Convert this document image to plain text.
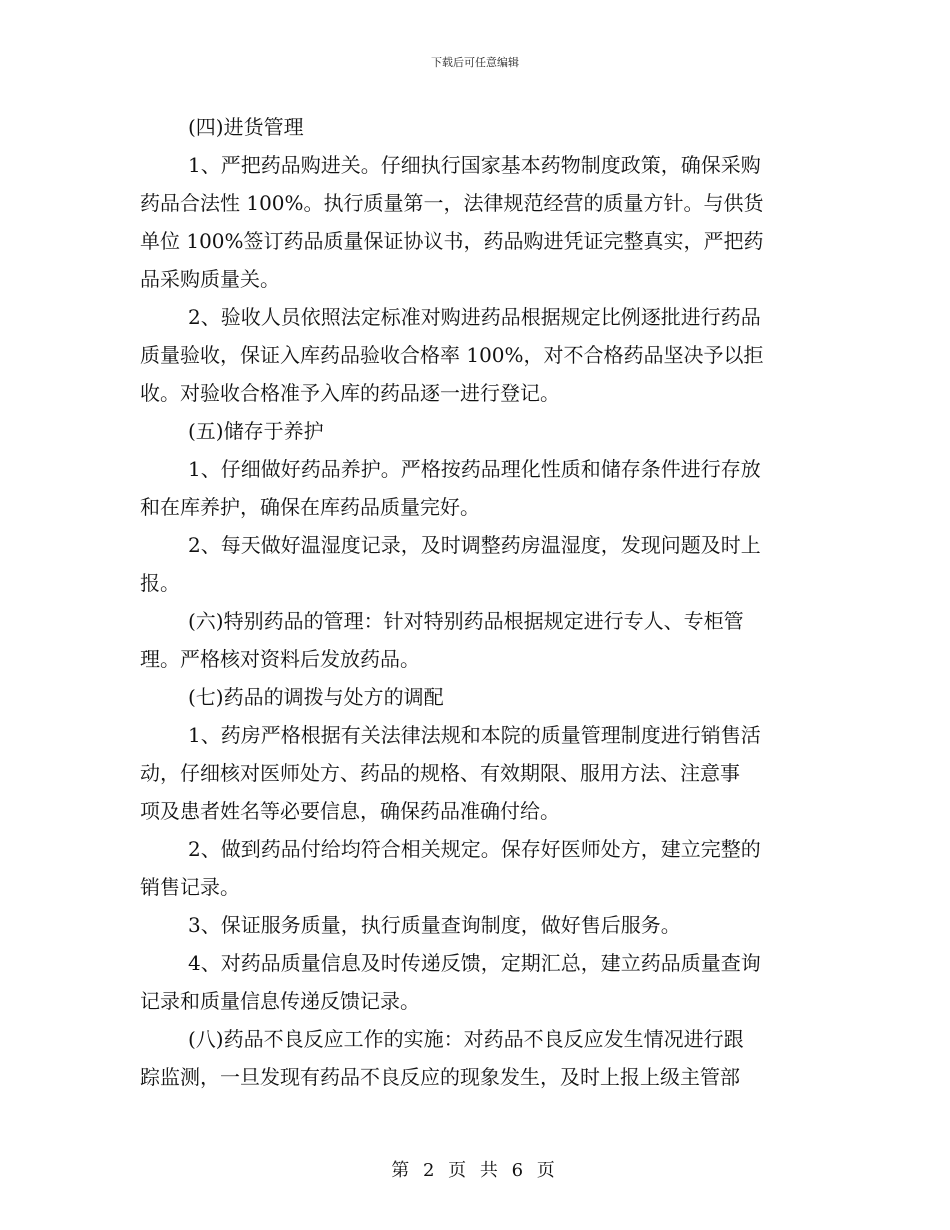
下载后可任意编辑
(四)进货管理
1、严把药品购进关。仔细执行国家基本药物制度政策，确保采购
药品合法性 100%。执行质量第一，法律规范经营的质量方针。与供货
单位 100%签订药品质量保证协议书，药品购进凭证完整真实，严把药
品采购质量关。
2、验收人员依照法定标准对购进药品根据规定比例逐批进行药品
质量验收，保证入库药品验收合格率 100%，对不合格药品坚决予以拒
收。对验收合格准予入库的药品逐一进行登记。
(五)储存于养护
1、仔细做好药品养护。严格按药品理化性质和储存条件进行存放
和在库养护，确保在库药品质量完好。
2、每天做好温湿度记录，及时调整药房温湿度，发现问题及时上
报。
(六)特别药品的管理：针对特别药品根据规定进行专人、专柜管
理。严格核对资料后发放药品。
(七)药品的调拨与处方的调配
1、药房严格根据有关法律法规和本院的质量管理制度进行销售活
动，仔细核对医师处方、药品的规格、有效期限、服用方法、注意事
项及患者姓名等必要信息，确保药品准确付给。
2、做到药品付给均符合相关规定。保存好医师处方，建立完整的
销售记录。
3、保证服务质量，执行质量查询制度，做好售后服务。
4、对药品质量信息及时传递反馈，定期汇总，建立药品质量查询
记录和质量信息传递反馈记录。
(八)药品不良反应工作的实施：对药品不良反应发生情况进行跟
踪监测，一旦发现有药品不良反应的现象发生，及时上报上级主管部
第 2 页 共 6 页
